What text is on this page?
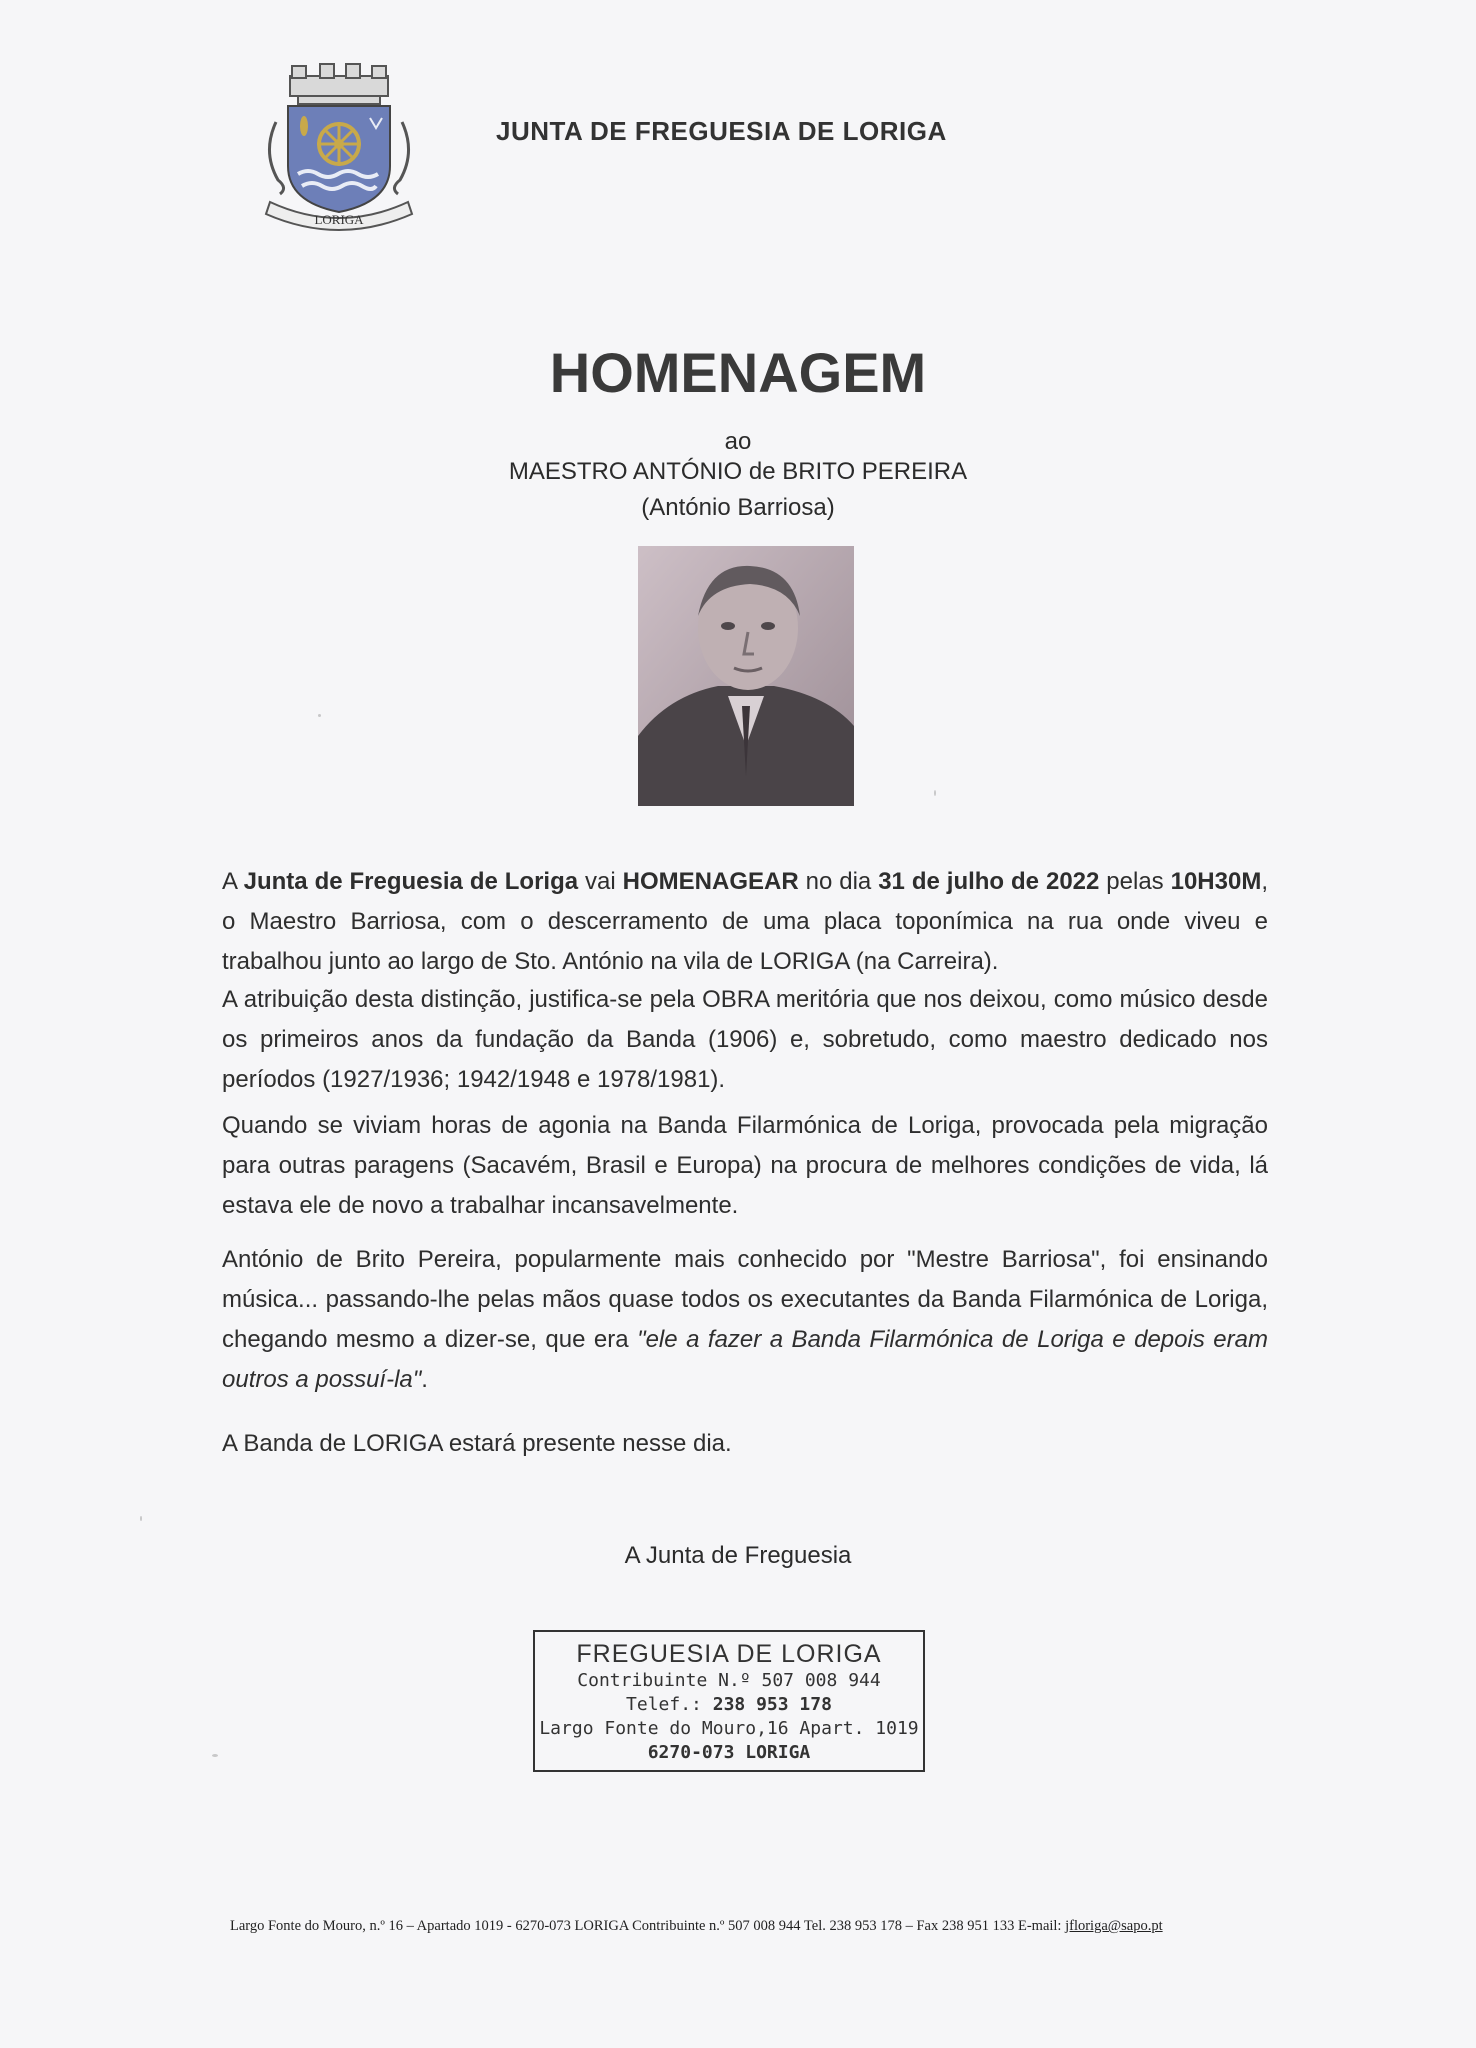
LORIGA
JUNTA DE FREGUESIA DE LORIGA
HOMENAGEM
ao
MAESTRO ANTÓNIO de BRITO PEREIRA
(António Barriosa)
A Junta de Freguesia de Loriga vai HOMENAGEAR no dia 31 de julho de 2022 pelas 10H30M, o Maestro Barriosa, com o descerramento de uma placa toponímica na rua onde viveu e trabalhou junto ao largo de Sto. António na vila de LORIGA (na Carreira).
A atribuição desta distinção, justifica-se pela OBRA meritória que nos deixou, como músico desde os primeiros anos da fundação da Banda (1906) e, sobretudo, como maestro dedicado nos períodos (1927/1936; 1942/1948 e 1978/1981).
Quando se viviam horas de agonia na Banda Filarmónica de Loriga, provocada pela migração para outras paragens (Sacavém, Brasil e Europa) na procura de melhores condições de vida, lá estava ele de novo a trabalhar incansavelmente.
António de Brito Pereira, popularmente mais conhecido por "Mestre Barriosa", foi ensinando música... passando-lhe pelas mãos quase todos os executantes da Banda Filarmónica de Loriga, chegando mesmo a dizer-se, que era "ele a fazer a Banda Filarmónica de Loriga e depois eram outros a possuí-la".
A Banda de LORIGA estará presente nesse dia.
A Junta de Freguesia
FREGUESIA DE LORIGA
Contribuinte N.º 507 008 944
Telef.: 238 953 178
Largo Fonte do Mouro,16 Apart. 1019
6270-073 LORIGA
Largo Fonte do Mouro, n.º 16 – Apartado 1019 - 6270-073 LORIGA Contribuinte n.º 507 008 944 Tel. 238 953 178 – Fax 238 951 133 E-mail: jfloriga@sapo.pt
